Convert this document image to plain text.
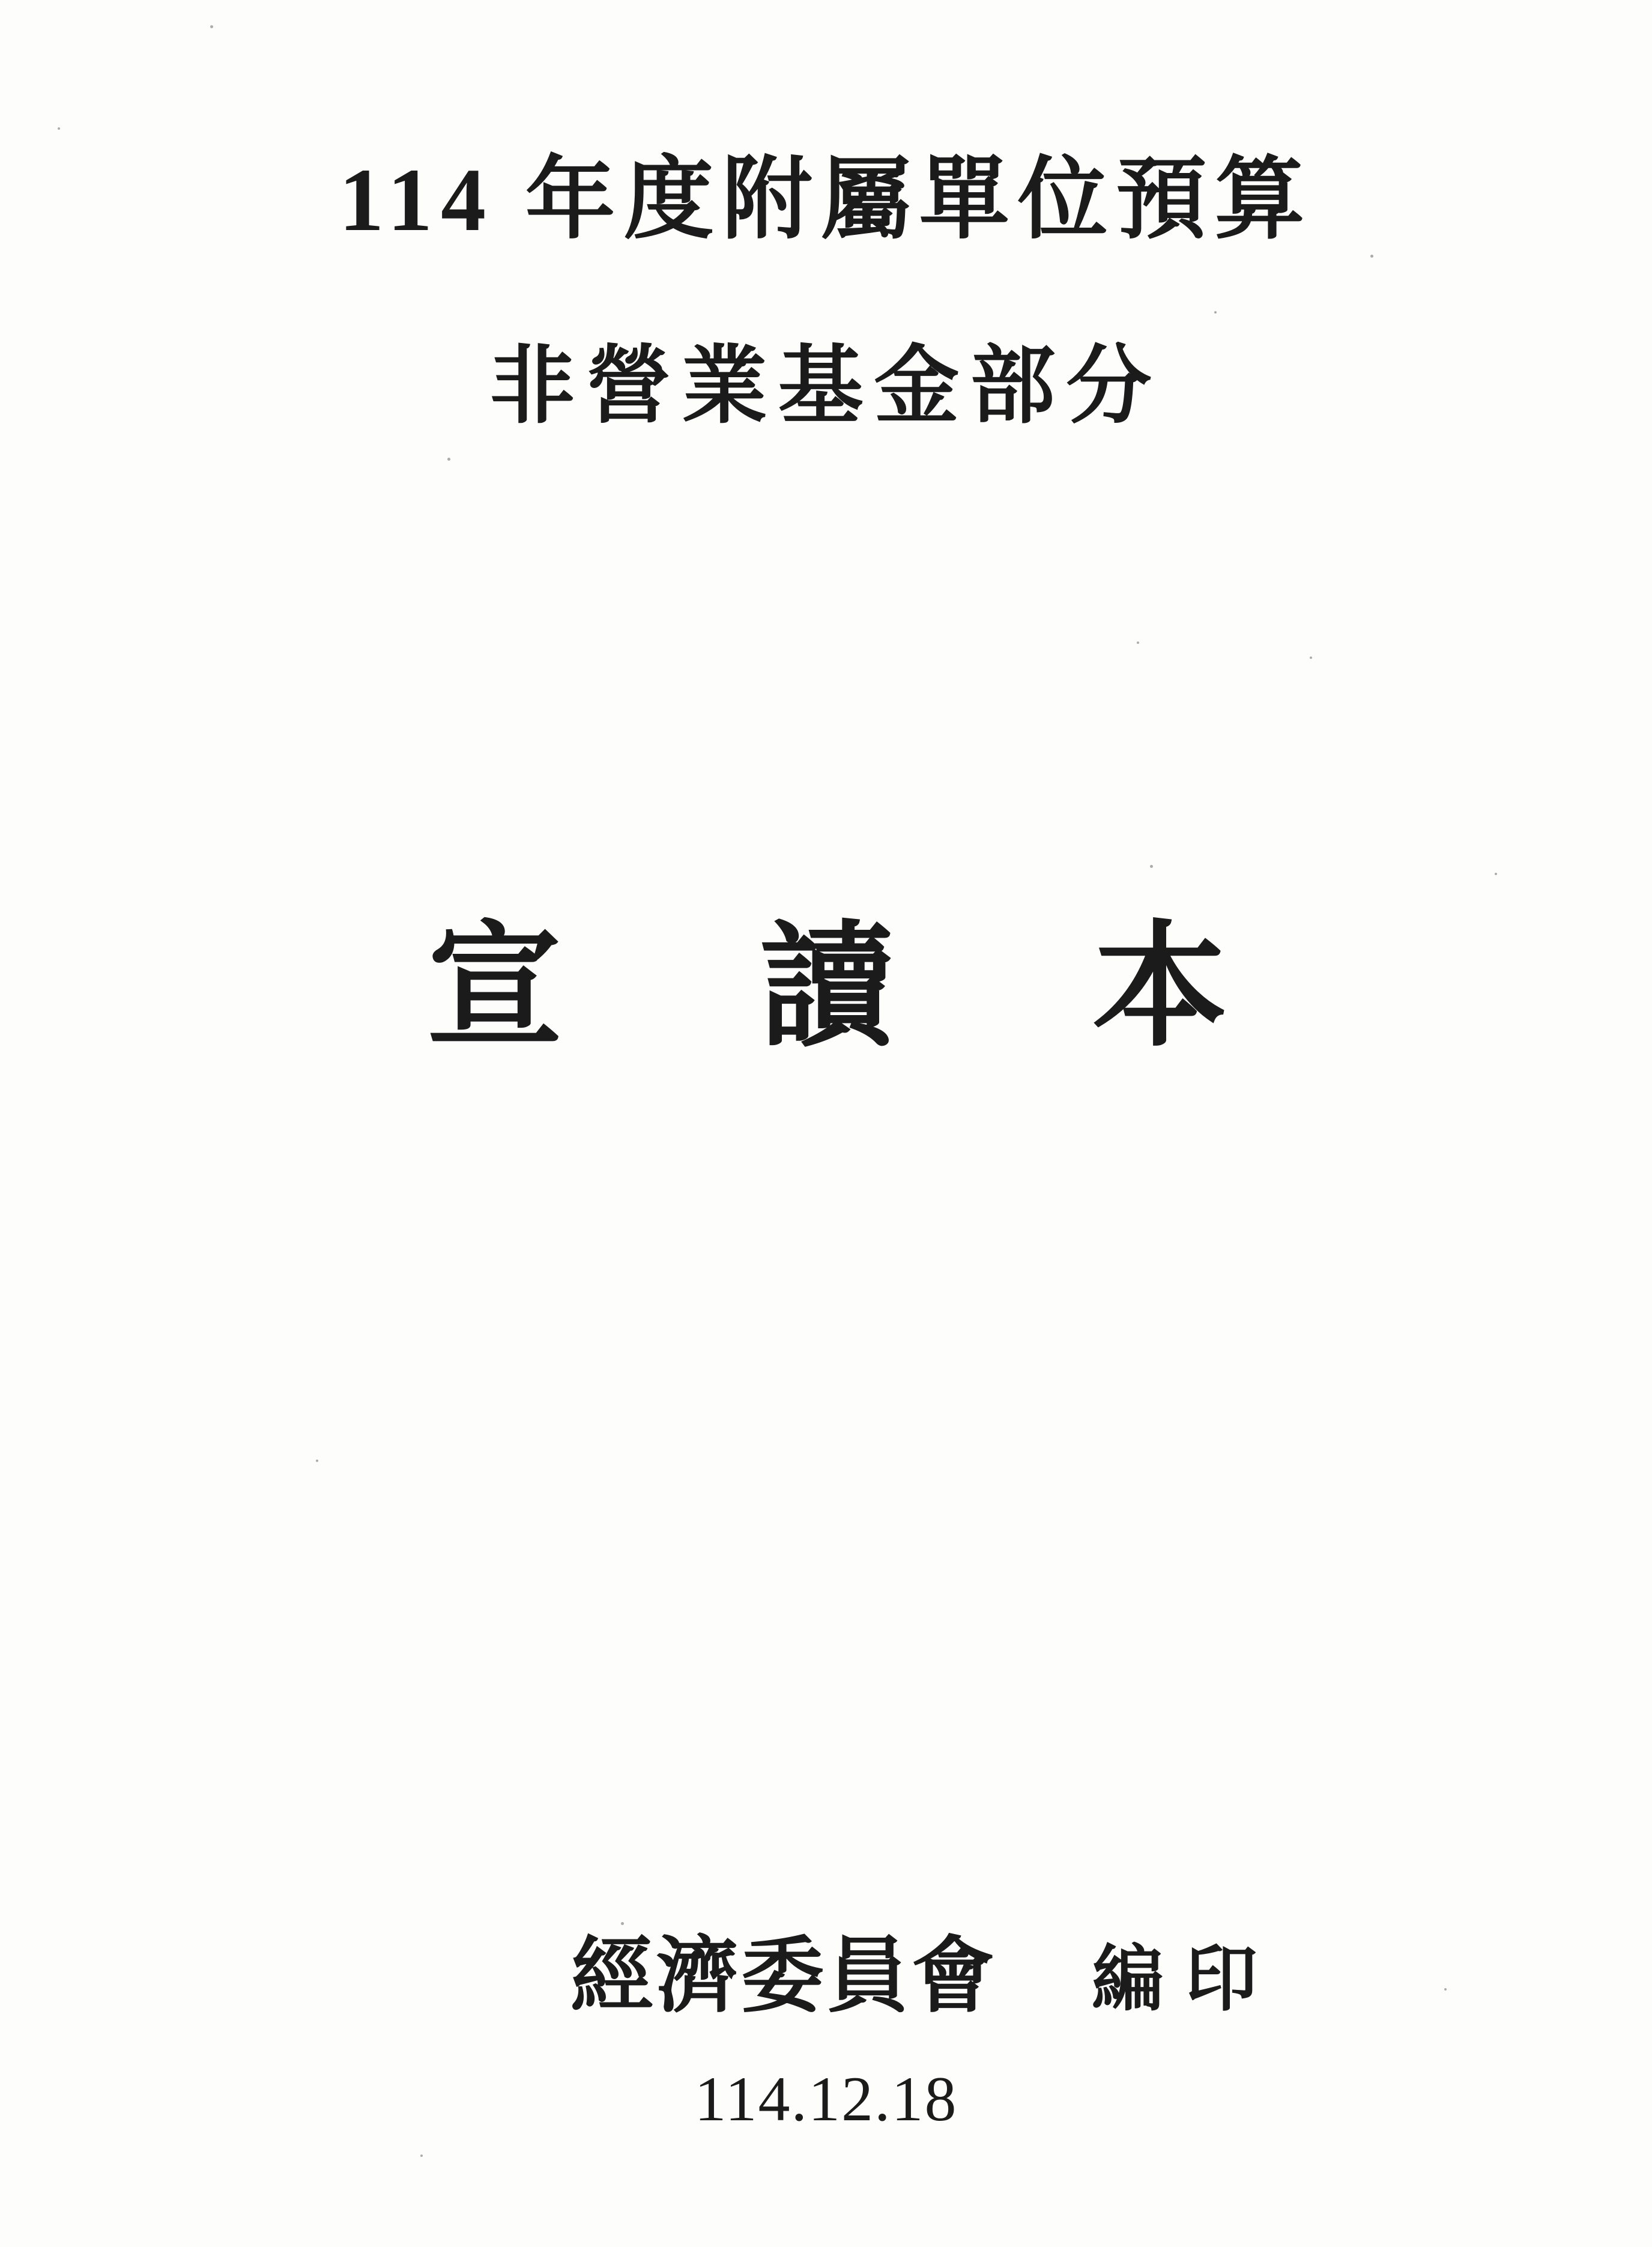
114 年度附屬單位預算
非營業基金部分
宣 讀 本
經濟委員會 編印
114.12.18
